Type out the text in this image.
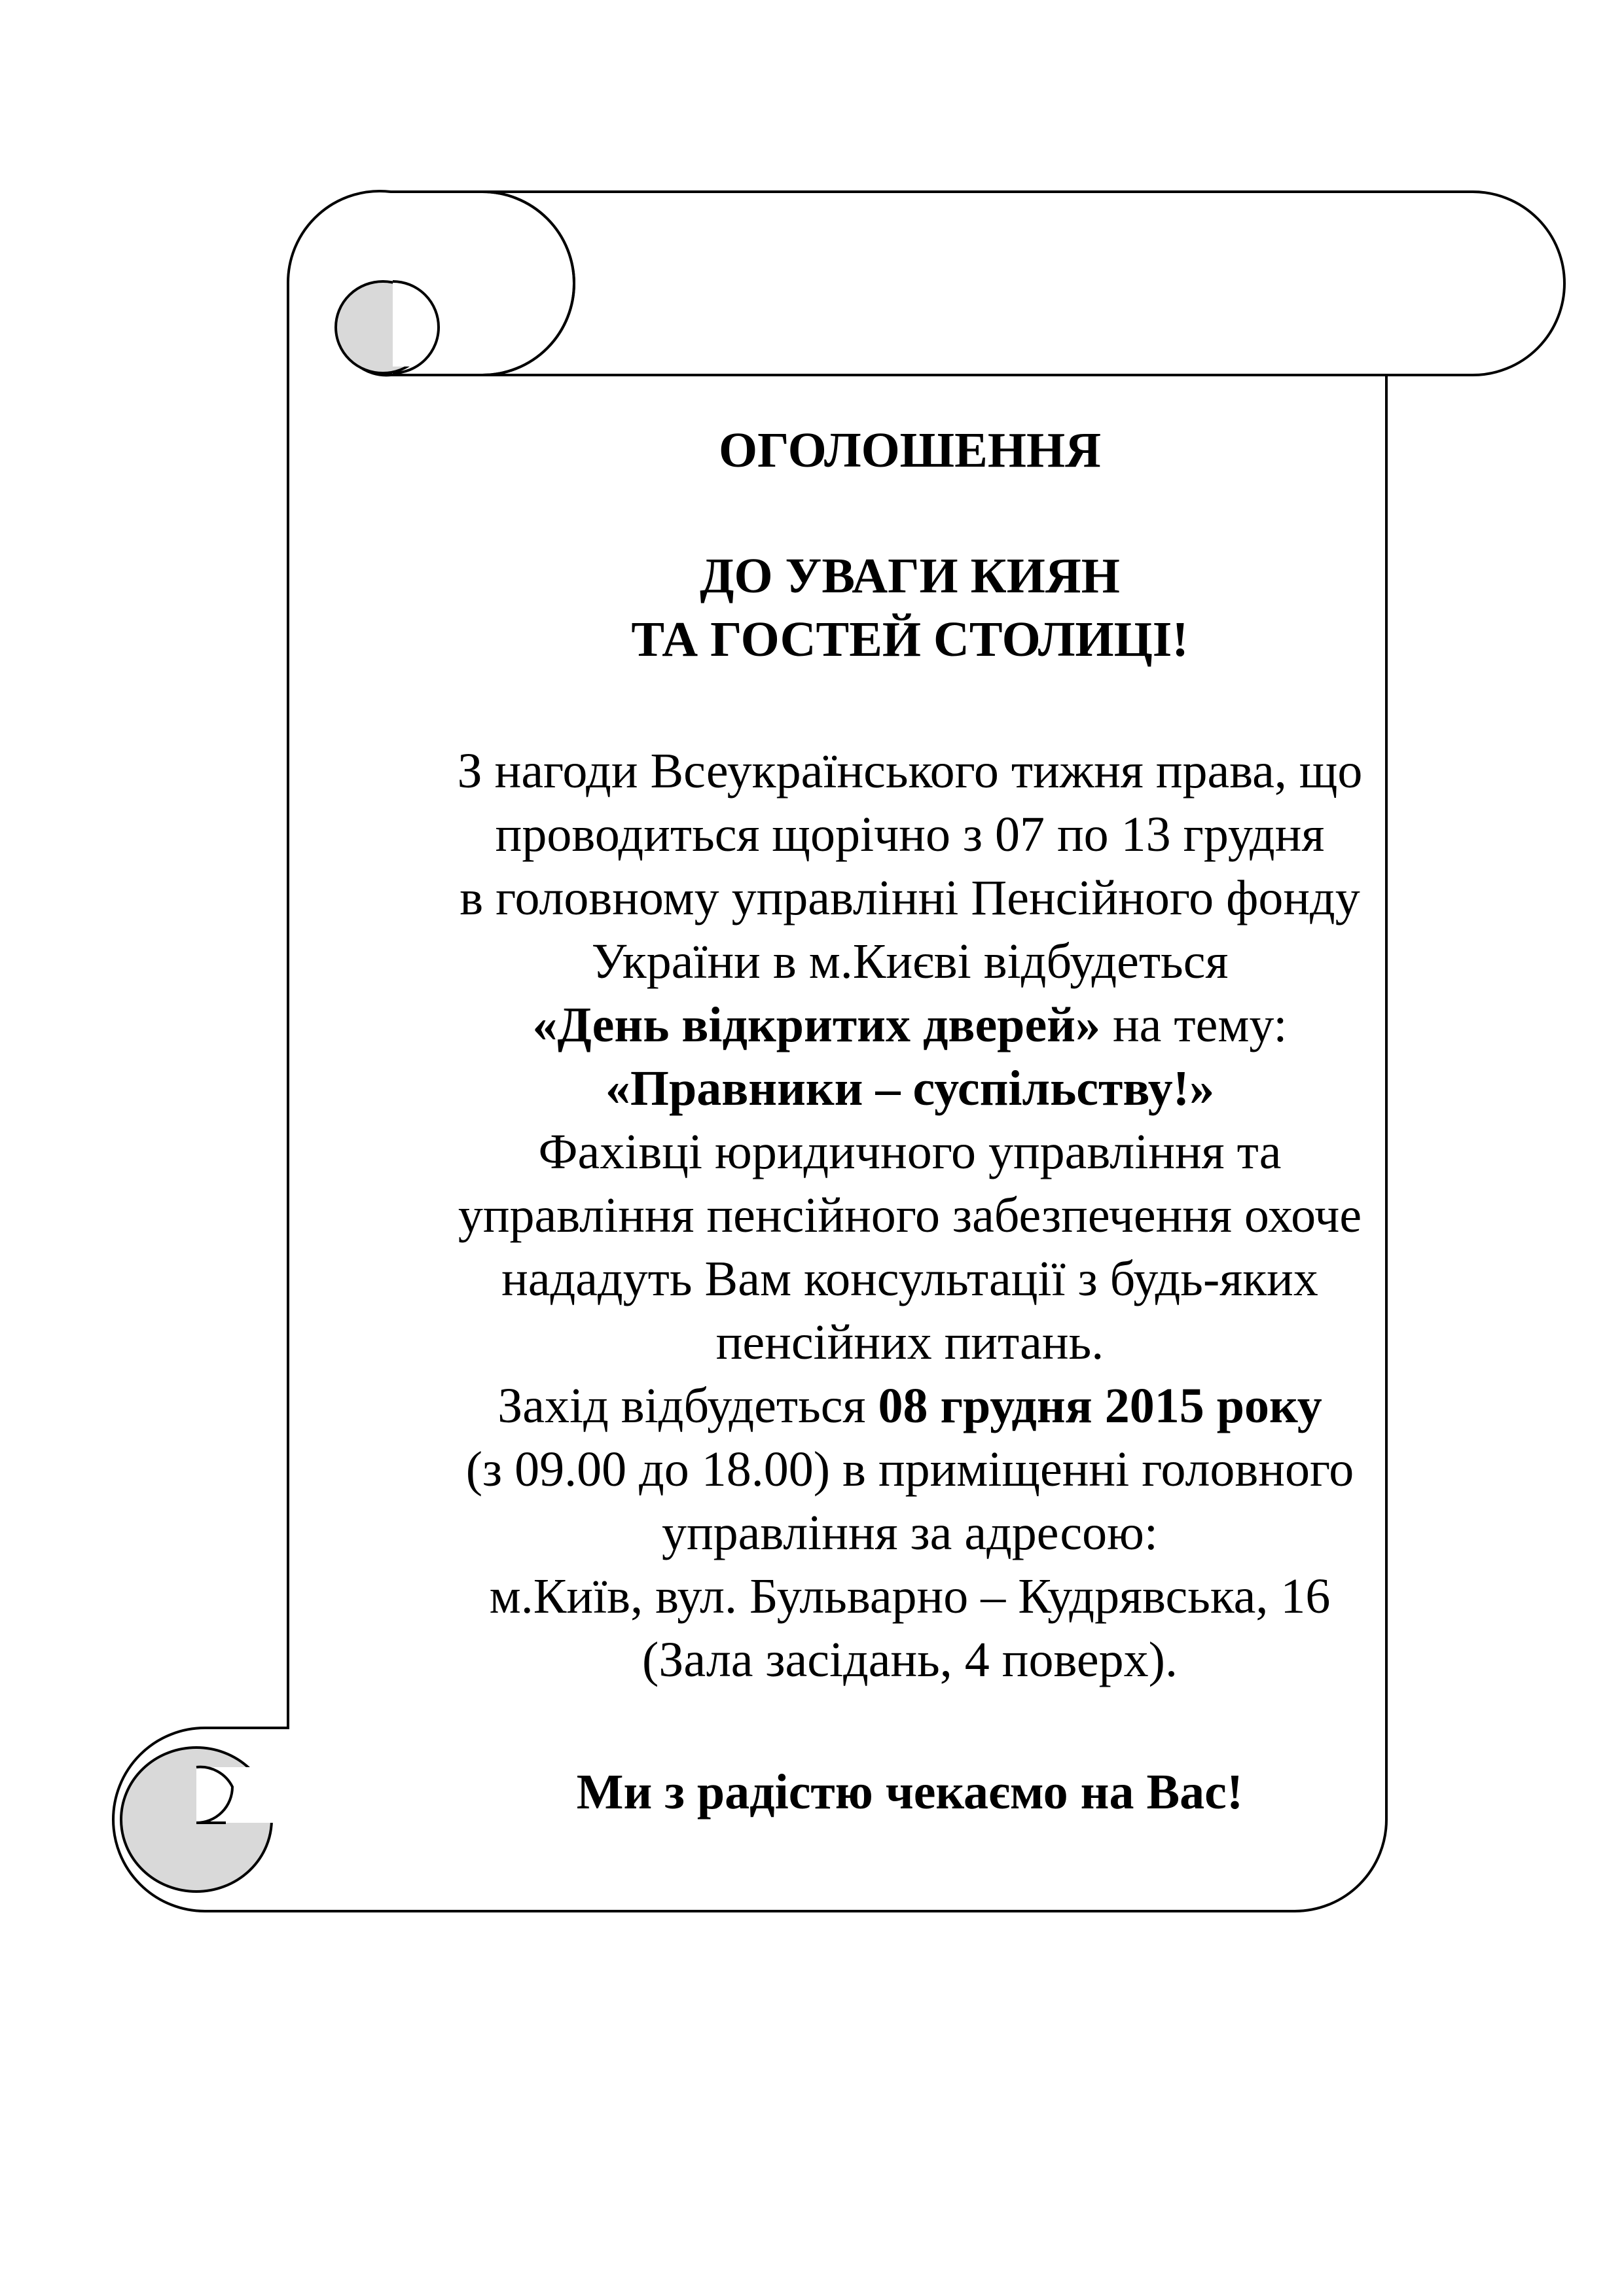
ОГОЛОШЕННЯ
ДО УВАГИ КИЯН
ТА ГОСТЕЙ СТОЛИЦІ!
З нагоди Всеукраїнського тижня права, що
проводиться щорічно з 07 по 13 грудня
в головному управлінні Пенсійного фонду
України в м.Києві відбудеться
«День відкритих дверей» на тему:
«Правники – суспільству!»
Фахівці юридичного управління та
управління пенсійного забезпечення охоче
нададуть Вам консультації з будь-яких
пенсійних питань.
Захід відбудеться 08 грудня 2015 року
(з 09.00 до 18.00) в приміщенні головного
управління за адресою:
м.Київ, вул. Бульварно – Кудрявська, 16
(Зала засідань, 4 поверх).
Ми з радістю чекаємо на Вас!
